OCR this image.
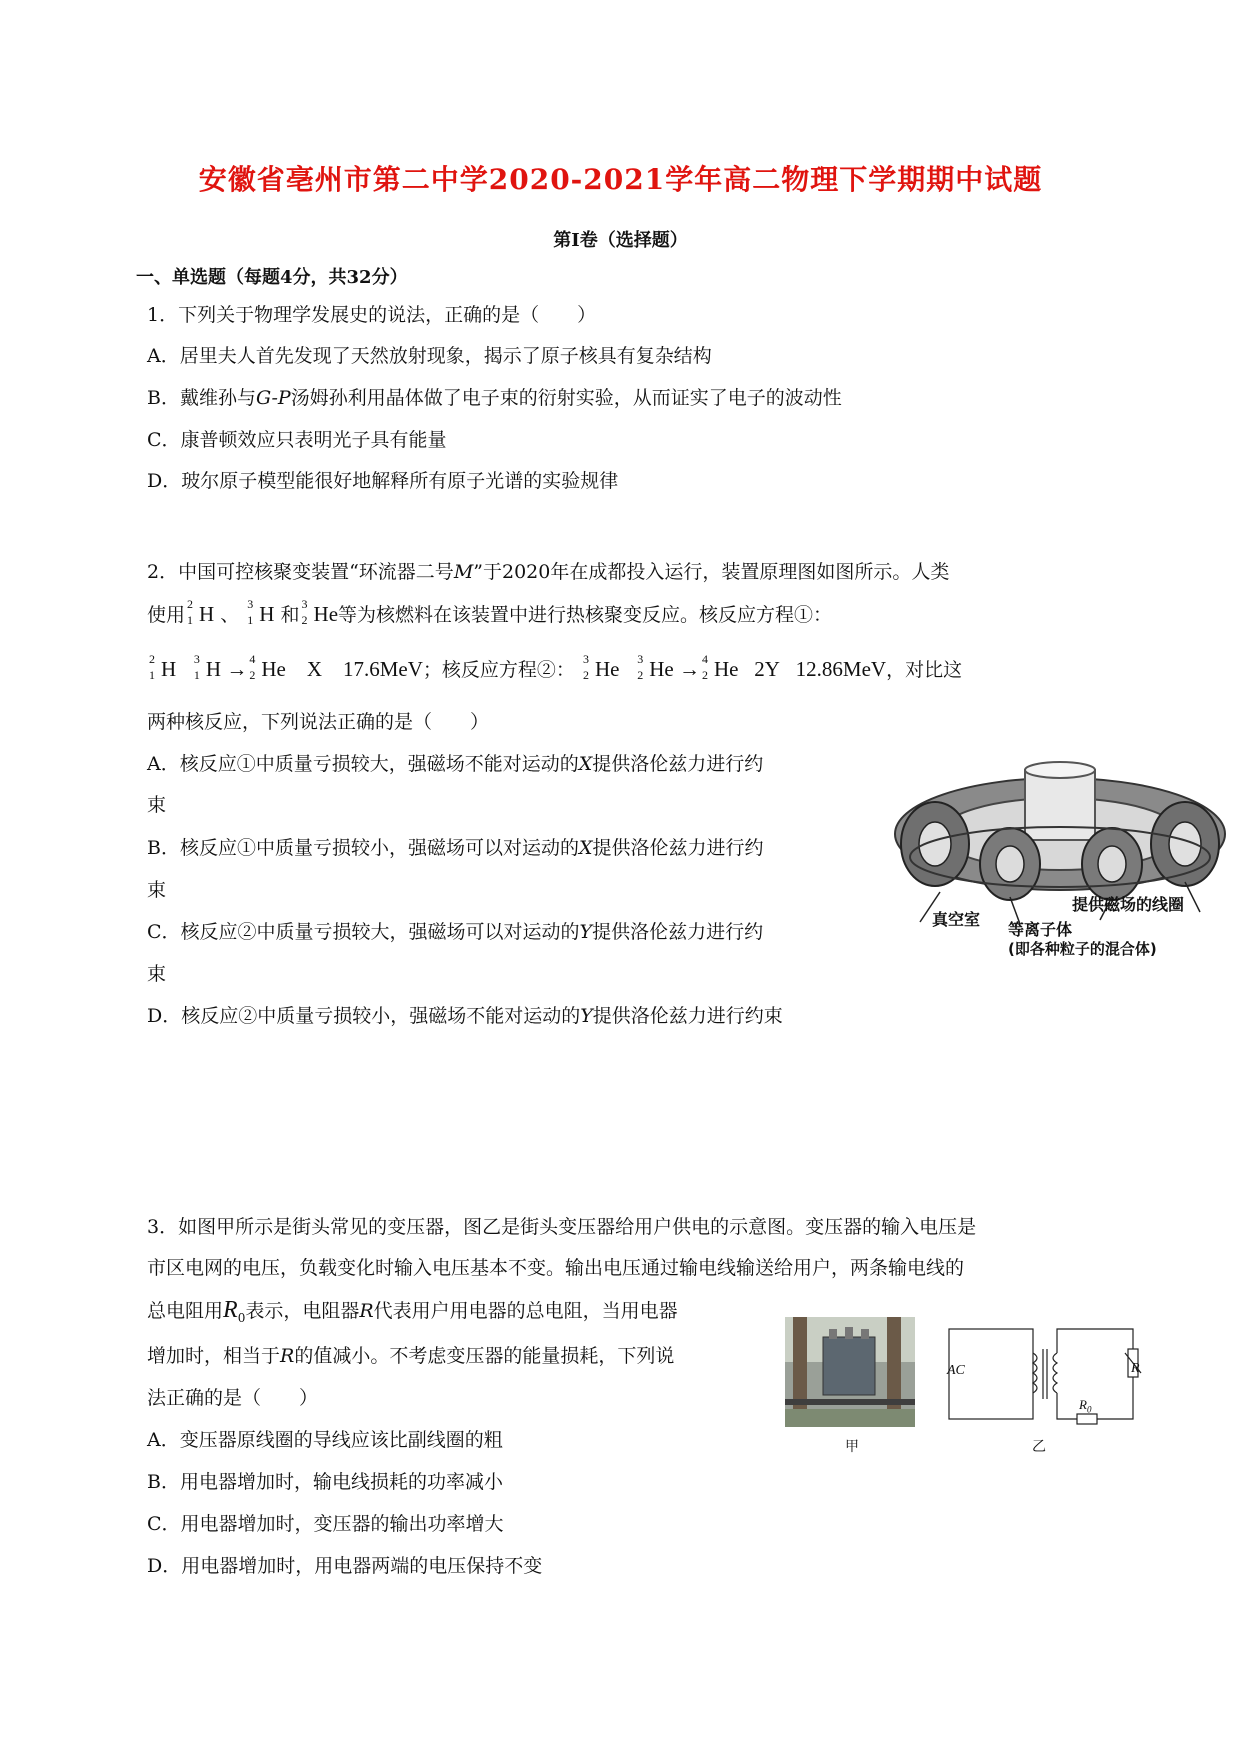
安徽省亳州市第二中学2020-2021学年高二物理下学期期中试题
第Ⅰ卷（选择题）
一、单选题（每题4分，共32分）
1．下列关于物理学发展史的说法，正确的是（　　）
A．居里夫人首先发现了天然放射现象，揭示了原子核具有复杂结构
B．戴维孙与G-P汤姆孙利用晶体做了电子束的衍射实验，从而证实了电子的波动性
C．康普顿效应只表明光子具有能量
D．玻尔原子模型能很好地解释所有原子光谱的实验规律
2．中国可控核聚变装置“环流器二号M”于2020年在成都投入运行，装置原理图如图所示。人类
使用 2
1 H 、 3
1 H 和 3
2 He等为核燃料在该装置中进行热核聚变反应。核反应方程①：
2
1 H 3
1 H → 4
2 He    X    17.6MeV；核反应方程②： 3
2 He 3
2 He → 4
2 He   2Y   12.86MeV，对比这
两种核反应，下列说法正确的是（　　）
A．核反应①中质量亏损较大，强磁场不能对运动的X提供洛伦兹力进行约
束
B．核反应①中质量亏损较小，强磁场可以对运动的X提供洛伦兹力进行约
束
C．核反应②中质量亏损较大，强磁场可以对运动的Y提供洛伦兹力进行约
束
D．核反应②中质量亏损较小，强磁场不能对运动的Y提供洛伦兹力进行约束
真空室
等离子体
(即各种粒子的混合体)
提供磁场的线圈
3．如图甲所示是街头常见的变压器，图乙是街头变压器给用户供电的示意图。变压器的输入电压是
市区电网的电压，负载变化时输入电压基本不变。输出电压通过输电线输送给用户，两条输电线的
总电阻用$R_0$表示，电阻器R代表用户用电器的总电阻，当用电器
增加时，相当于R的值减小。不考虑变压器的能量损耗，下列说
法正确的是（　　）
A．变压器原线圈的导线应该比副线圈的粗
B．用电器增加时，输电线损耗的功率减小
C．用电器增加时，变压器的输出功率增大
D．用电器增加时，用电器两端的电压保持不变
甲
AC	R
$R_0$
乙
